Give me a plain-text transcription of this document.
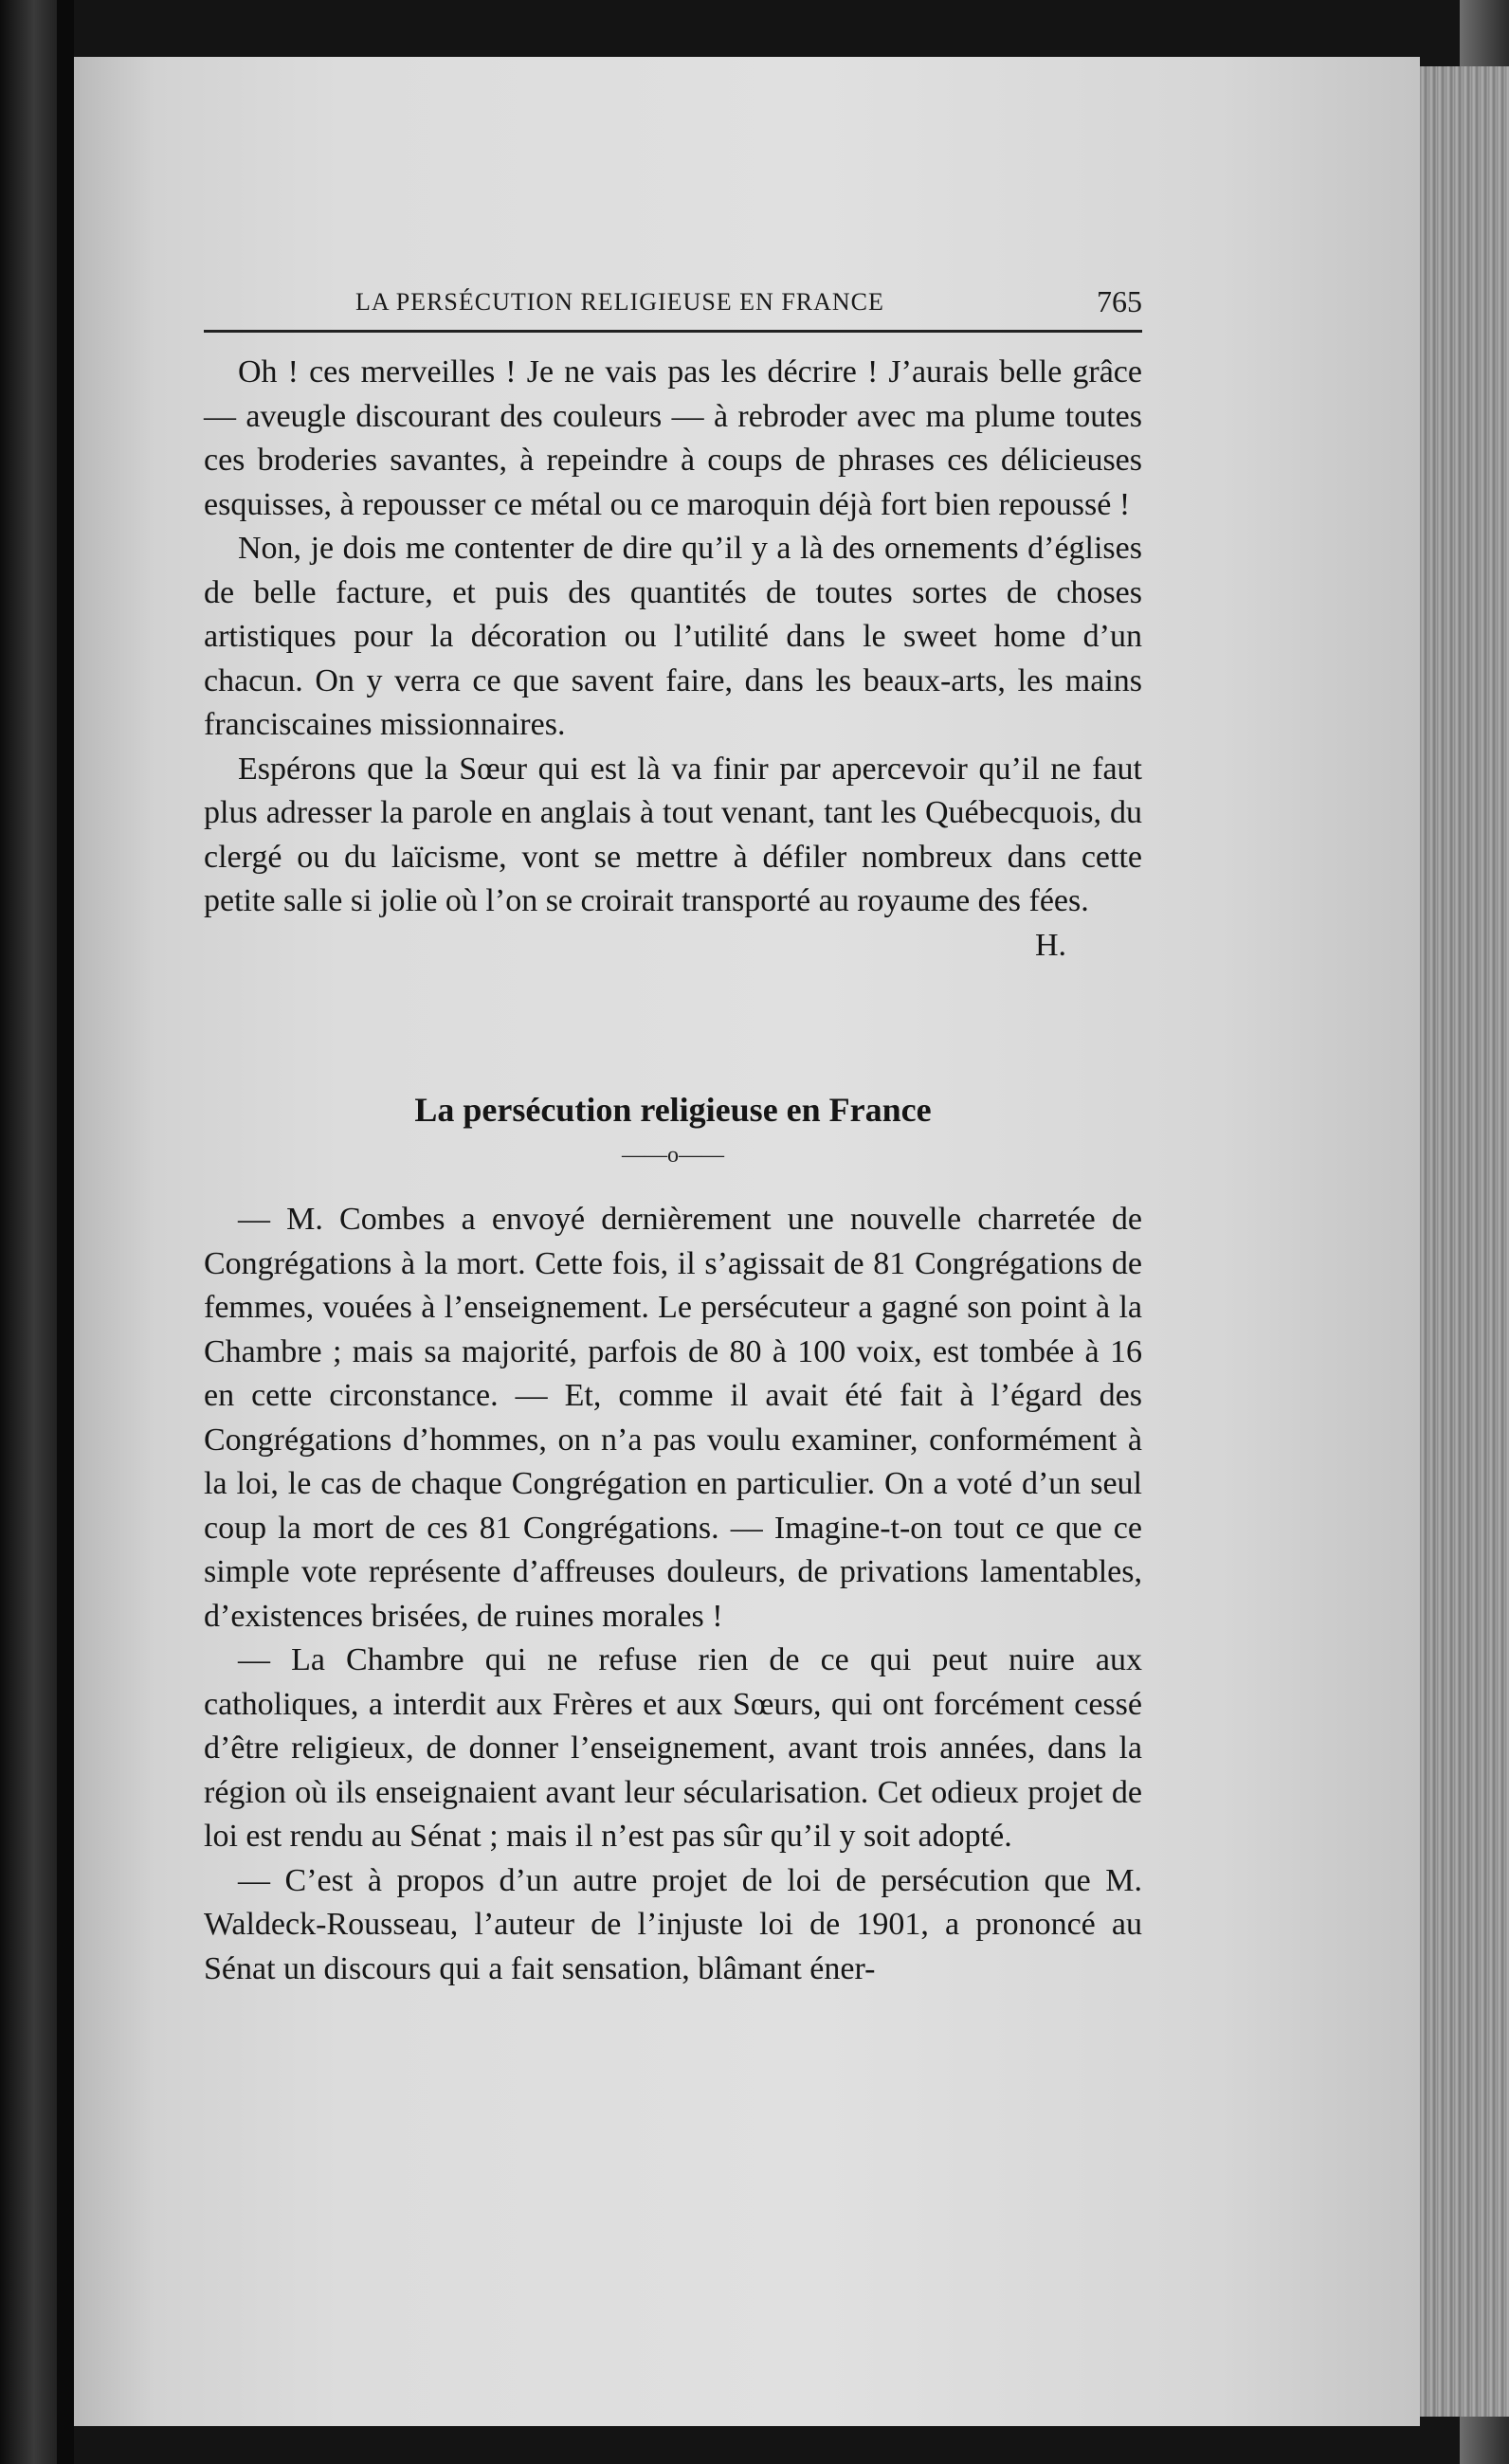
LA PERSÉCUTION RELIGIEUSE EN FRANCE	765

Oh ! ces merveilles ! Je ne vais pas les décrire ! J’aurais belle grâce — aveugle discourant des couleurs — à rebroder avec ma plume toutes ces broderies savantes, à repeindre à coups de phrases ces délicieuses esquisses, à repousser ce métal ou ce maroquin déjà fort bien repoussé !

Non, je dois me contenter de dire qu’il y a là des ornements d’églises de belle facture, et puis des quantités de toutes sortes de choses artistiques pour la décoration ou l’utilité dans le sweet home d’un chacun. On y verra ce que savent faire, dans les beaux-arts, les mains franciscaines missionnaires.

Espérons que la Sœur qui est là va finir par apercevoir qu’il ne faut plus adresser la parole en anglais à tout venant, tant les Québecquois, du clergé ou du laïcisme, vont se mettre à défiler nombreux dans cette petite salle si jolie où l’on se croirait transporté au royaume des fées.

H.

La persécution religieuse en France
——o——

— M. Combes a envoyé dernièrement une nouvelle charretée de Congrégations à la mort. Cette fois, il s’agissait de 81 Congrégations de femmes, vouées à l’enseignement. Le persécuteur a gagné son point à la Chambre ; mais sa majorité, parfois de 80 à 100 voix, est tombée à 16 en cette circonstance. — Et, comme il avait été fait à l’égard des Congrégations d’hommes, on n’a pas voulu examiner, conformément à la loi, le cas de chaque Congrégation en particulier. On a voté d’un seul coup la mort de ces 81 Congrégations. — Imagine-t-on tout ce que ce simple vote représente d’affreuses douleurs, de privations lamentables, d’existences brisées, de ruines morales !

— La Chambre qui ne refuse rien de ce qui peut nuire aux catholiques, a interdit aux Frères et aux Sœurs, qui ont forcément cessé d’être religieux, de donner l’enseignement, avant trois années, dans la région où ils enseignaient avant leur sécularisation. Cet odieux projet de loi est rendu au Sénat ; mais il n’est pas sûr qu’il y soit adopté.

— C’est à propos d’un autre projet de loi de persécution que M. Waldeck-Rousseau, l’auteur de l’injuste loi de 1901, a prononcé au Sénat un discours qui a fait sensation, blâmant éner-
